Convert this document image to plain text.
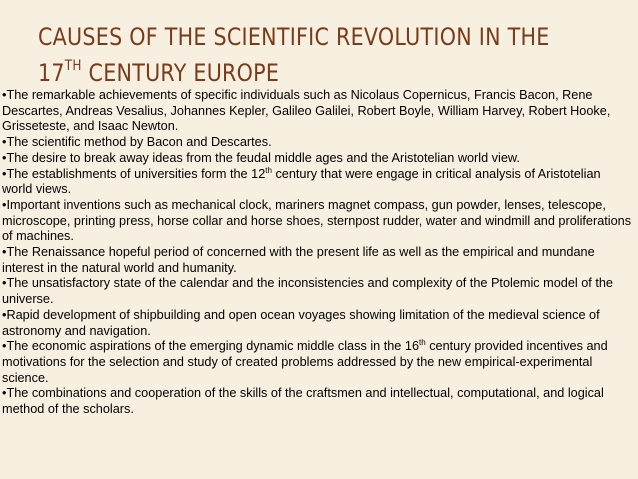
CAUSES OF THE SCIENTIFIC REVOLUTION IN THE
17TH CENTURY EUROPE
•The remarkable achievements of specific individuals such as Nicolaus Copernicus, Francis Bacon, Rene Descartes, Andreas Vesalius, Johannes Kepler, Galileo Galilei, Robert Boyle, William Harvey, Robert Hooke, Grisseteste, and Isaac Newton.
•The scientific method by Bacon and Descartes.
•The desire to break away ideas from the feudal middle ages and the Aristotelian world view.
•The establishments of universities form the 12th century that were engage in critical analysis of Aristotelian world views.
•Important inventions such as mechanical clock, mariners magnet compass, gun powder, lenses, telescope, microscope, printing press, horse collar and horse shoes, sternpost rudder, water and windmill and proliferations of machines.
•The Renaissance hopeful period of concerned with the present life as well as the empirical and mundane interest in the natural world and humanity.
•The unsatisfactory state of the calendar and the inconsistencies and complexity of the Ptolemic model of the universe.
•Rapid development of shipbuilding and open ocean voyages showing limitation of the medieval science of astronomy and navigation.
•The economic aspirations of the emerging dynamic middle class in the 16th century provided incentives and motivations for the selection and study of created problems addressed by the new empirical-experimental science.
•The combinations and cooperation of the skills of the craftsmen and intellectual, computational, and logical method of the scholars.
